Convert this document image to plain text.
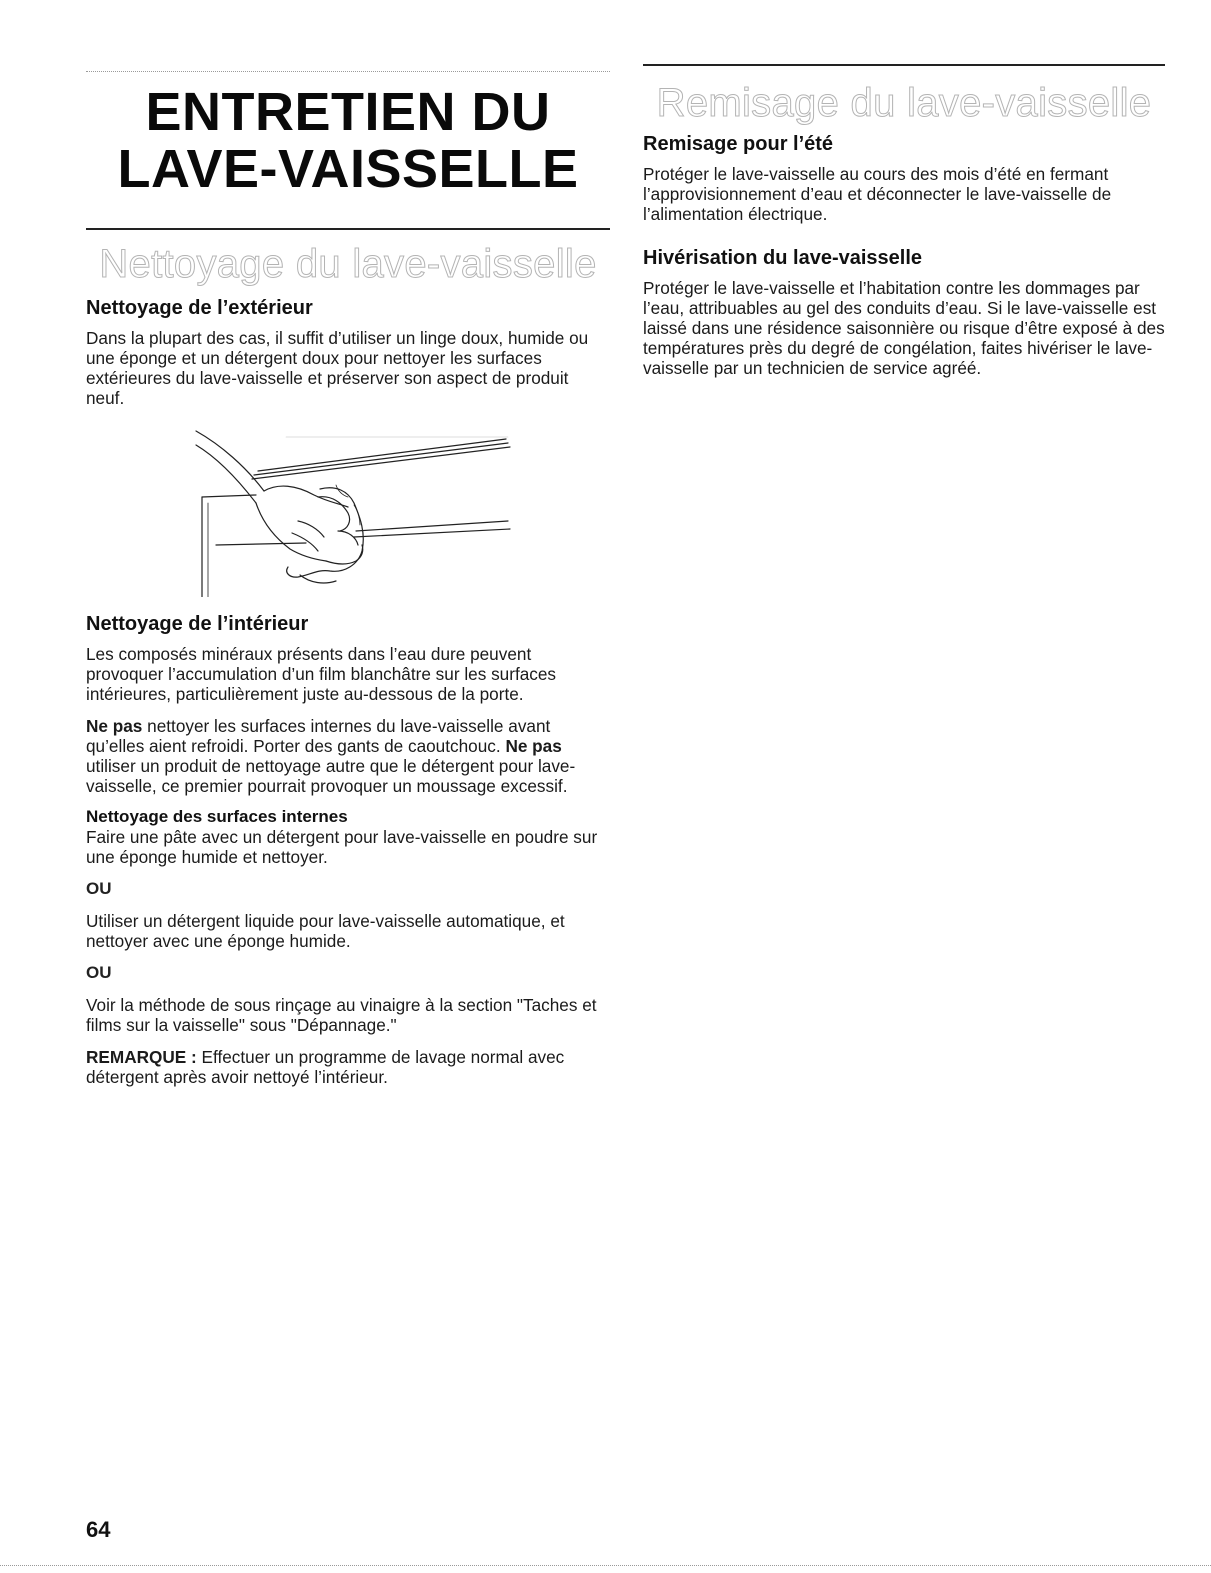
ENTRETIEN DU
LAVE-VAISSELLE
Nettoyage du lave-vaisselle
Nettoyage de l’extérieur

Dans la plupart des cas, il suffit d’utiliser un linge doux, humide ou une éponge et un détergent doux pour nettoyer les surfaces extérieures du lave-vaisselle et préserver son aspect de produit neuf.

Nettoyage de l’intérieur

Les composés minéraux présents dans l’eau dure peuvent provoquer l’accumulation d’un film blanchâtre sur les surfaces intérieures, particulièrement juste au-dessous de la porte.

Ne pas nettoyer les surfaces internes du lave-vaisselle avant qu’elles aient refroidi. Porter des gants de caoutchouc. Ne pas utiliser un produit de nettoyage autre que le détergent pour lave-vaisselle, ce premier pourrait provoquer un moussage excessif.

Nettoyage des surfaces internes

Faire une pâte avec un détergent pour lave-vaisselle en poudre sur une éponge humide et nettoyer.

OU

Utiliser un détergent liquide pour lave-vaisselle automatique, et nettoyer avec une éponge humide.

OU

Voir la méthode de sous rinçage au vinaigre à la section "Taches et films sur la vaisselle" sous "Dépannage."

REMARQUE : Effectuer un programme de lavage normal avec détergent après avoir nettoyé l’intérieur.

Remisage du lave-vaisselle
Remisage pour l’été

Protéger le lave-vaisselle au cours des mois d’été en fermant l’approvisionnement d’eau et déconnecter le lave-vaisselle de l’alimentation électrique.

Hivérisation du lave-vaisselle

Protéger le lave-vaisselle et l’habitation contre les dommages par l’eau, attribuables au gel des conduits d’eau. Si le lave-vaisselle est laissé dans une résidence saisonnière ou risque d’être exposé à des températures près du degré de congélation, faites hivériser le lave-vaisselle par un technicien de service agréé.

64
